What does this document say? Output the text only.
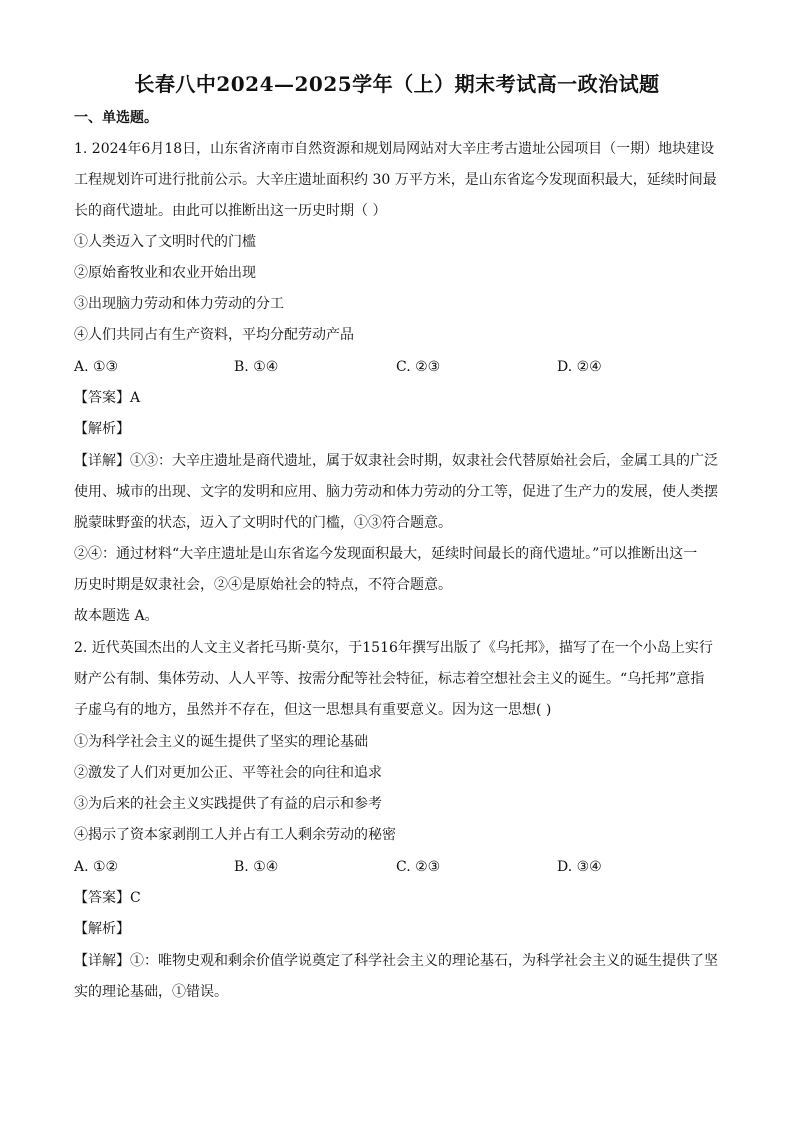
长春八中2024—2025学年（上）期末考试高一政治试题
一、单选题。
1. 2024年6月18日，山东省济南市自然资源和规划局网站对大辛庄考古遗址公园项目（一期）地块建设
工程规划许可进行批前公示。大辛庄遗址面积约 30 万平方米，是山东省迄今发现面积最大，延续时间最
长的商代遗址。由此可以推断出这一历史时期（ ）
①人类迈入了文明时代的门槛
②原始畜牧业和农业开始出现
③出现脑力劳动和体力劳动的分工
④人们共同占有生产资料，平均分配劳动产品
A. ①③	B. ①④	C. ②③	D. ②④
【答案】A
【解析】
【详解】①③：大辛庄遗址是商代遗址，属于奴隶社会时期，奴隶社会代替原始社会后，金属工具的广泛
使用、城市的出现、文字的发明和应用、脑力劳动和体力劳动的分工等，促进了生产力的发展，使人类摆
脱蒙昧野蛮的状态，迈入了文明时代的门槛，①③符合题意。
②④：通过材料“大辛庄遗址是山东省迄今发现面积最大，延续时间最长的商代遗址。”可以推断出这一
历史时期是奴隶社会，②④是原始社会的特点，不符合题意。
故本题选 A。
2. 近代英国杰出的人文主义者托马斯·莫尔，于1516年撰写出版了《乌托邦》，描写了在一个小岛上实行
财产公有制、集体劳动、人人平等、按需分配等社会特征，标志着空想社会主义的诞生。“乌托邦”意指
子虚乌有的地方，虽然并不存在，但这一思想具有重要意义。因为这一思想( )
①为科学社会主义的诞生提供了坚实的理论基础
②激发了人们对更加公正、平等社会的向往和追求
③为后来的社会主义实践提供了有益的启示和参考
④揭示了资本家剥削工人并占有工人剩余劳动的秘密
A. ①②	B. ①④	C. ②③	D. ③④
【答案】C
【解析】
【详解】①：唯物史观和剩余价值学说奠定了科学社会主义的理论基石，为科学社会主义的诞生提供了坚
实的理论基础，①错误。
